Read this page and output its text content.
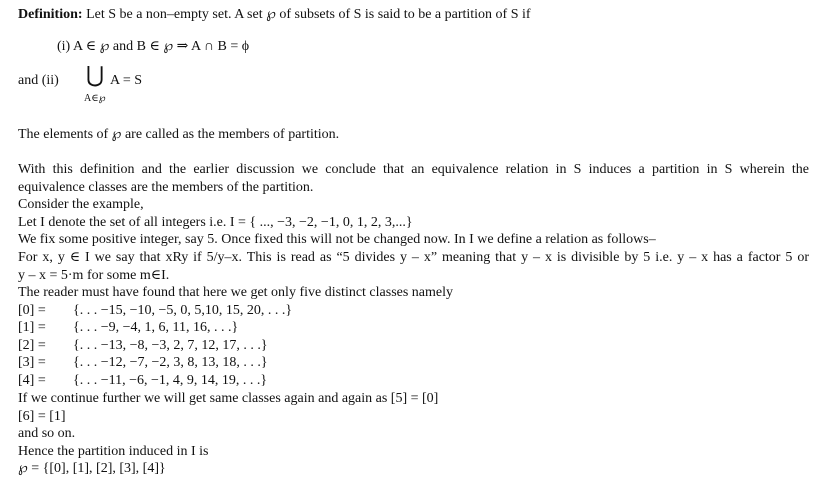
Definition: Let S be a non–empty set. A set ℘ of subsets of S is said to be a partition of S if
(i) A ∈ ℘ and B ∈ ℘ ⇒ A ∩ B = ϕ
and (ii) ⋃ A = S
A∈℘
The elements of ℘ are called as the members of partition.
With this definition and the earlier discussion we conclude that an equivalence relation in S induces a partition in S wherein the
equivalence classes are the members of the partition.
Consider the example,
Let I denote the set of all integers i.e. I = { ..., −3, −2, −1, 0, 1, 2, 3,...}
We fix some positive integer, say 5. Once fixed this will not be changed now. In I we define a relation as follows–
For x, y ∈ I we say that xRy if 5/y–x. This is read as “5 divides y – x” meaning that y – x is divisible by 5 i.e. y – x has a factor 5 or
y – x = 5·m for some m∈I.
The reader must have found that here we get only five distinct classes namely
[0] = {. . . −15, −10, −5, 0, 5,10, 15, 20, . . .}
[1] = {. . . −9, −4, 1, 6, 11, 16, . . .}
[2] = {. . . −13, −8, −3, 2, 7, 12, 17, . . .}
[3] = {. . . −12, −7, −2, 3, 8, 13, 18, . . .}
[4] = {. . . −11, −6, −1, 4, 9, 14, 19, . . .}
If we continue further we will get same classes again and again as [5] = [0]
[6] = [1]
and so on.
Hence the partition induced in I is
℘ = {[0], [1], [2], [3], [4]}
